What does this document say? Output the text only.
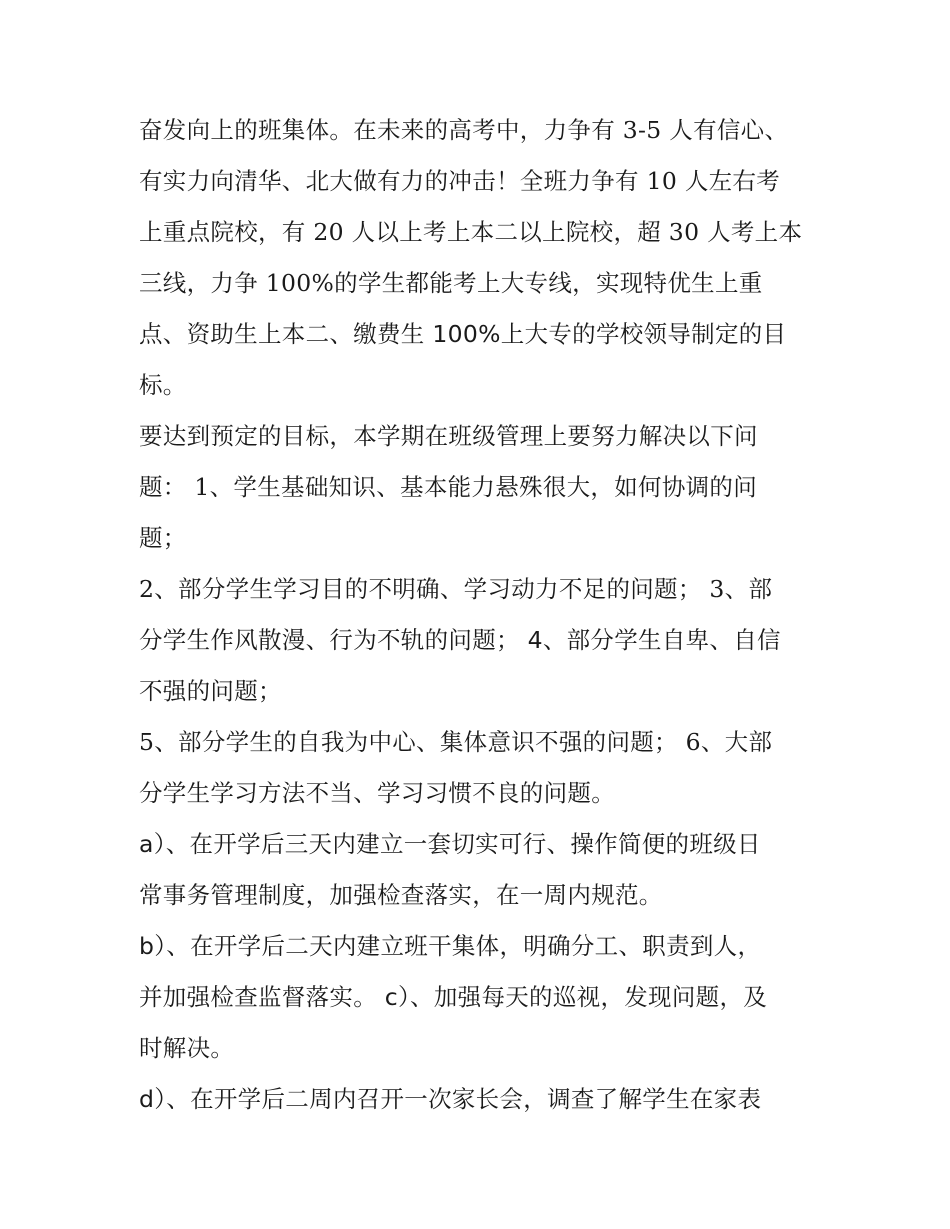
奋发向上的班集体。在未来的高考中，力争有 3-5 人有信心、
有实力向清华、北大做有力的冲击！全班力争有 10 人左右考
上重点院校，有 20 人以上考上本二以上院校，超 30 人考上本
三线，力争 100%的学生都能考上大专线，实现特优生上重
点、资助生上本二、缴费生 100%上大专的学校领导制定的目
标。
要达到预定的目标，本学期在班级管理上要努力解决以下问
题： 1、学生基础知识、基本能力悬殊很大，如何协调的问
题；
2、部分学生学习目的不明确、学习动力不足的问题； 3、部
分学生作风散漫、行为不轨的问题； 4、部分学生自卑、自信
不强的问题；
5、部分学生的自我为中心、集体意识不强的问题； 6、大部
分学生学习方法不当、学习习惯不良的问题。
a）、在开学后三天内建立一套切实可行、操作简便的班级日
常事务管理制度，加强检查落实，在一周内规范。
b）、在开学后二天内建立班干集体，明确分工、职责到人，
并加强检查监督落实。 c）、加强每天的巡视，发现问题，及
时解决。
d）、在开学后二周内召开一次家长会，调查了解学生在家表
